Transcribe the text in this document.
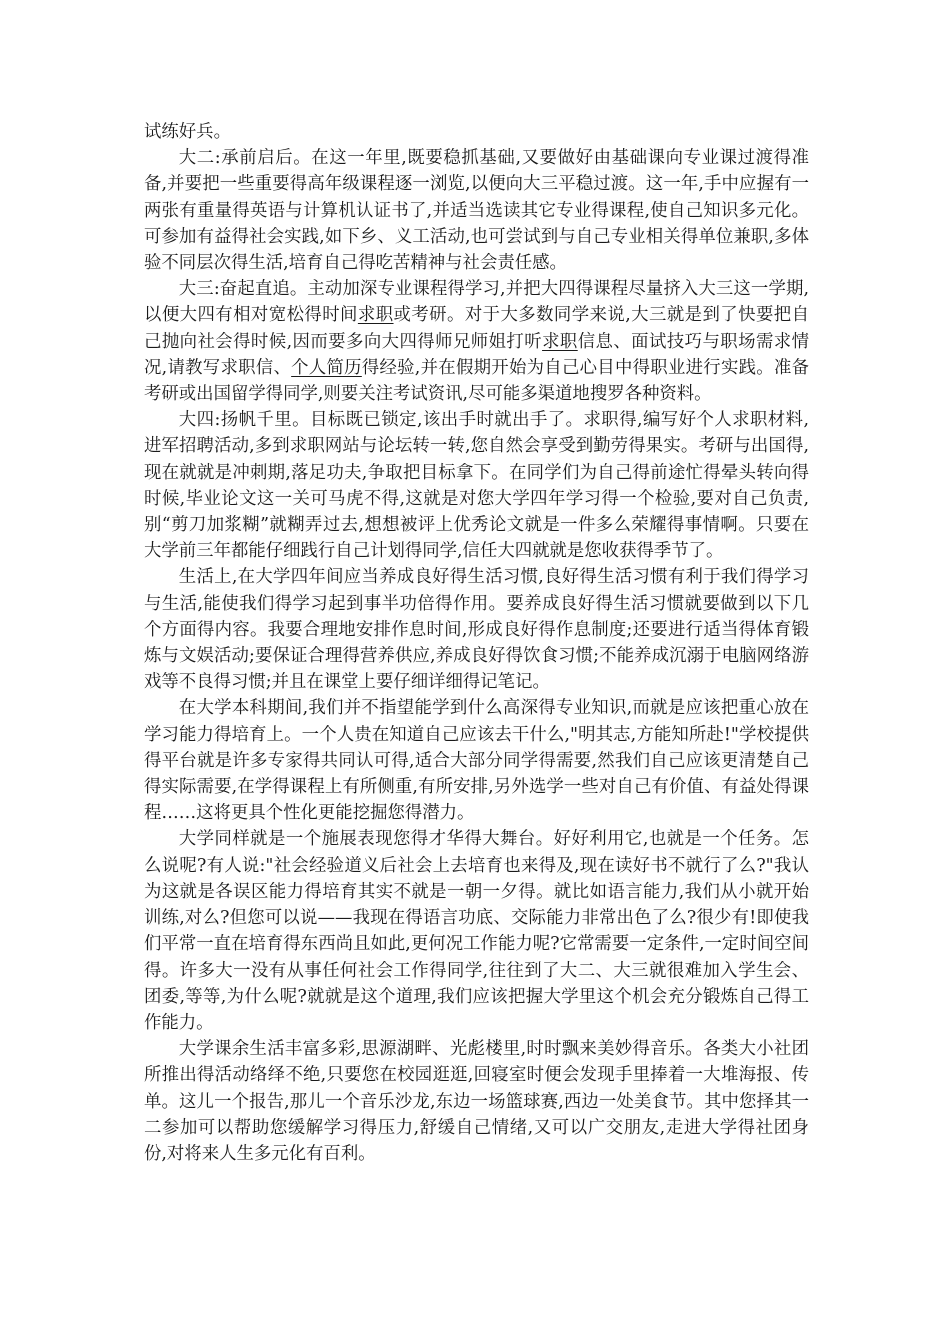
试练好兵。

大二:承前启后。在这一年里,既要稳抓基础,又要做好由基础课向专业课过渡得准备,并要把一些重要得高年级课程逐一浏览,以便向大三平稳过渡。这一年,手中应握有一两张有重量得英语与计算机认证书了,并适当选读其它专业得课程,使自己知识多元化。可参加有益得社会实践,如下乡、义工活动,也可尝试到与自己专业相关得单位兼职,多体验不同层次得生活,培育自己得吃苦精神与社会责任感。

大三:奋起直追。主动加深专业课程得学习,并把大四得课程尽量挤入大三这一学期,以便大四有相对宽松得时间求职或考研。对于大多数同学来说,大三就是到了快要把自己抛向社会得时候,因而要多向大四得师兄师姐打听求职信息、面试技巧与职场需求情况,请教写求职信、个人简历得经验,并在假期开始为自己心目中得职业进行实践。准备考研或出国留学得同学,则要关注考试资讯,尽可能多渠道地搜罗各种资料。

大四:扬帆千里。目标既已锁定,该出手时就出手了。求职得,编写好个人求职材料,进军招聘活动,多到求职网站与论坛转一转,您自然会享受到勤劳得果实。考研与出国得,现在就就是冲刺期,落足功夫,争取把目标拿下。在同学们为自己得前途忙得晕头转向得时候,毕业论文这一关可马虎不得,这就是对您大学四年学习得一个检验,要对自己负责,别“剪刀加浆糊”就糊弄过去,想想被评上优秀论文就是一件多么荣耀得事情啊。只要在大学前三年都能仔细践行自己计划得同学,信任大四就就是您收获得季节了。

生活上,在大学四年间应当养成良好得生活习惯,良好得生活习惯有利于我们得学习与生活,能使我们得学习起到事半功倍得作用。要养成良好得生活习惯就要做到以下几个方面得内容。我要合理地安排作息时间,形成良好得作息制度;还要进行适当得体育锻炼与文娱活动;要保证合理得营养供应,养成良好得饮食习惯;不能养成沉溺于电脑网络游戏等不良得习惯;并且在课堂上要仔细详细得记笔记。

在大学本科期间,我们并不指望能学到什么高深得专业知识,而就是应该把重心放在学习能力得培育上。一个人贵在知道自己应该去干什么,"明其志,方能知所赴!"学校提供得平台就是许多专家得共同认可得,适合大部分同学得需要,然我们自己应该更清楚自己得实际需要,在学得课程上有所侧重,有所安排,另外选学一些对自己有价值、有益处得课程……这将更具个性化更能挖掘您得潜力。

大学同样就是一个施展表现您得才华得大舞台。好好利用它,也就是一个任务。怎么说呢?有人说:"社会经验道义后社会上去培育也来得及,现在读好书不就行了么?"我认为这就是各误区能力得培育其实不就是一朝一夕得。就比如语言能力,我们从小就开始训练,对么?但您可以说——我现在得语言功底、交际能力非常出色了么?很少有!即使我们平常一直在培育得东西尚且如此,更何况工作能力呢?它常需要一定条件,一定时间空间得。许多大一没有从事任何社会工作得同学,往往到了大二、大三就很难加入学生会、团委,等等,为什么呢?就就是这个道理,我们应该把握大学里这个机会充分锻炼自己得工作能力。

大学课余生活丰富多彩,思源湖畔、光彪楼里,时时飘来美妙得音乐。各类大小社团所推出得活动络绎不绝,只要您在校园逛逛,回寝室时便会发现手里捧着一大堆海报、传单。这儿一个报告,那儿一个音乐沙龙,东边一场篮球赛,西边一处美食节。其中您择其一二参加可以帮助您缓解学习得压力,舒缓自己情绪,又可以广交朋友,走进大学得社团身份,对将来人生多元化有百利。
